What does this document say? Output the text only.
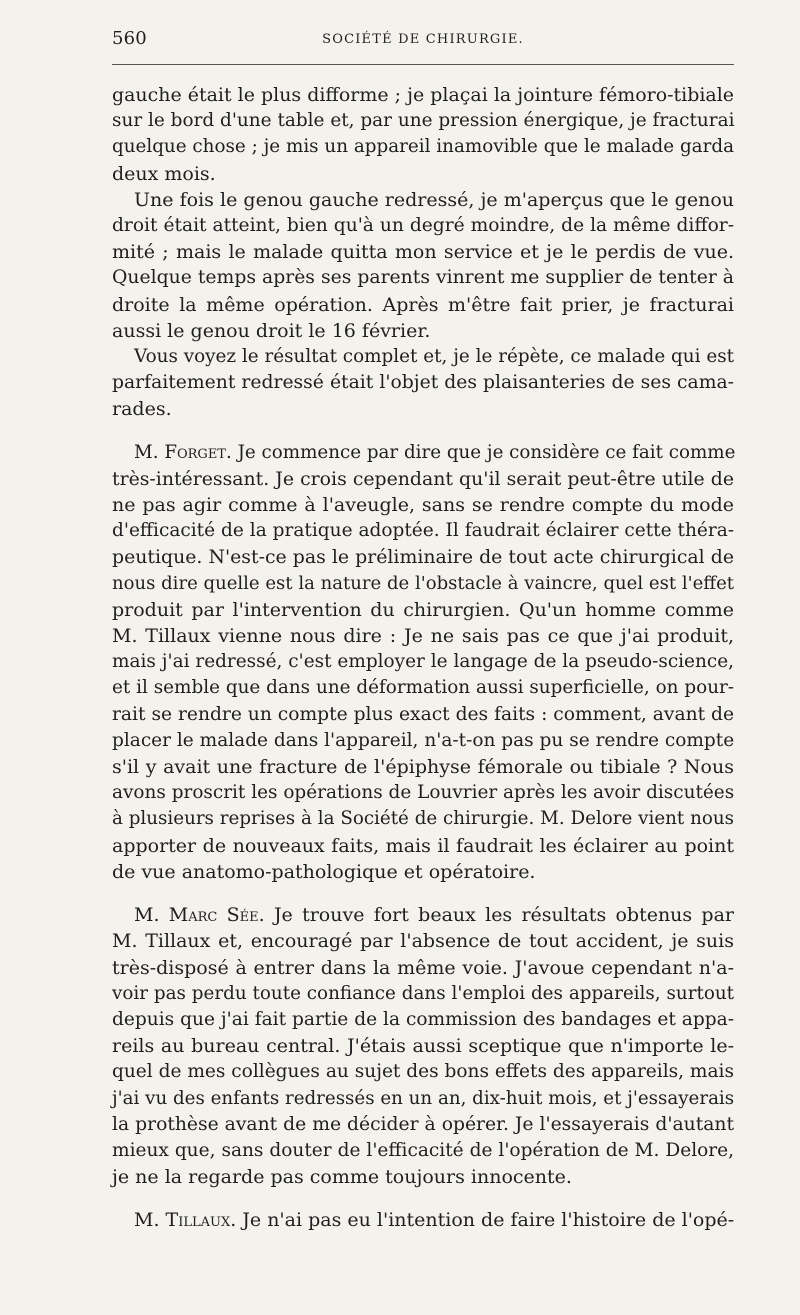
560	SOCIÉTÉ DE CHIRURGIE.
gauche était le plus difforme ; je plaçai la jointure fémoro-tibiale
sur le bord d'une table et, par une pression énergique, je fracturai
quelque chose ; je mis un appareil inamovible que le malade garda
deux mois.
Une fois le genou gauche redressé, je m'aperçus que le genou
droit était atteint, bien qu'à un degré moindre, de la même diffor-
mité ; mais le malade quitta mon service et je le perdis de vue.
Quelque temps après ses parents vinrent me supplier de tenter à
droite la même opération. Après m'être fait prier, je fracturai
aussi le genou droit le 16 février.
Vous voyez le résultat complet et, je le répète, ce malade qui est
parfaitement redressé était l'objet des plaisanteries de ses cama-
rades.
M. Forget. Je commence par dire que je considère ce fait comme
très-intéressant. Je crois cependant qu'il serait peut-être utile de
ne pas agir comme à l'aveugle, sans se rendre compte du mode
d'efficacité de la pratique adoptée. Il faudrait éclairer cette théra-
peutique. N'est-ce pas le préliminaire de tout acte chirurgical de
nous dire quelle est la nature de l'obstacle à vaincre, quel est l'effet
produit par l'intervention du chirurgien. Qu'un homme comme
M. Tillaux vienne nous dire : Je ne sais pas ce que j'ai produit,
mais j'ai redressé, c'est employer le langage de la pseudo-science,
et il semble que dans une déformation aussi superficielle, on pour-
rait se rendre un compte plus exact des faits : comment, avant de
placer le malade dans l'appareil, n'a-t-on pas pu se rendre compte
s'il y avait une fracture de l'épiphyse fémorale ou tibiale ? Nous
avons proscrit les opérations de Louvrier après les avoir discutées
à plusieurs reprises à la Société de chirurgie. M. Delore vient nous
apporter de nouveaux faits, mais il faudrait les éclairer au point
de vue anatomo-pathologique et opératoire.
M. Marc Sée. Je trouve fort beaux les résultats obtenus par
M. Tillaux et, encouragé par l'absence de tout accident, je suis
très-disposé à entrer dans la même voie. J'avoue cependant n'a-
voir pas perdu toute confiance dans l'emploi des appareils, surtout
depuis que j'ai fait partie de la commission des bandages et appa-
reils au bureau central. J'étais aussi sceptique que n'importe le-
quel de mes collègues au sujet des bons effets des appareils, mais
j'ai vu des enfants redressés en un an, dix-huit mois, et j'essayerais
la prothèse avant de me décider à opérer. Je l'essayerais d'autant
mieux que, sans douter de l'efficacité de l'opération de M. Delore,
je ne la regarde pas comme toujours innocente.
M. Tillaux. Je n'ai pas eu l'intention de faire l'histoire de l'opé-
